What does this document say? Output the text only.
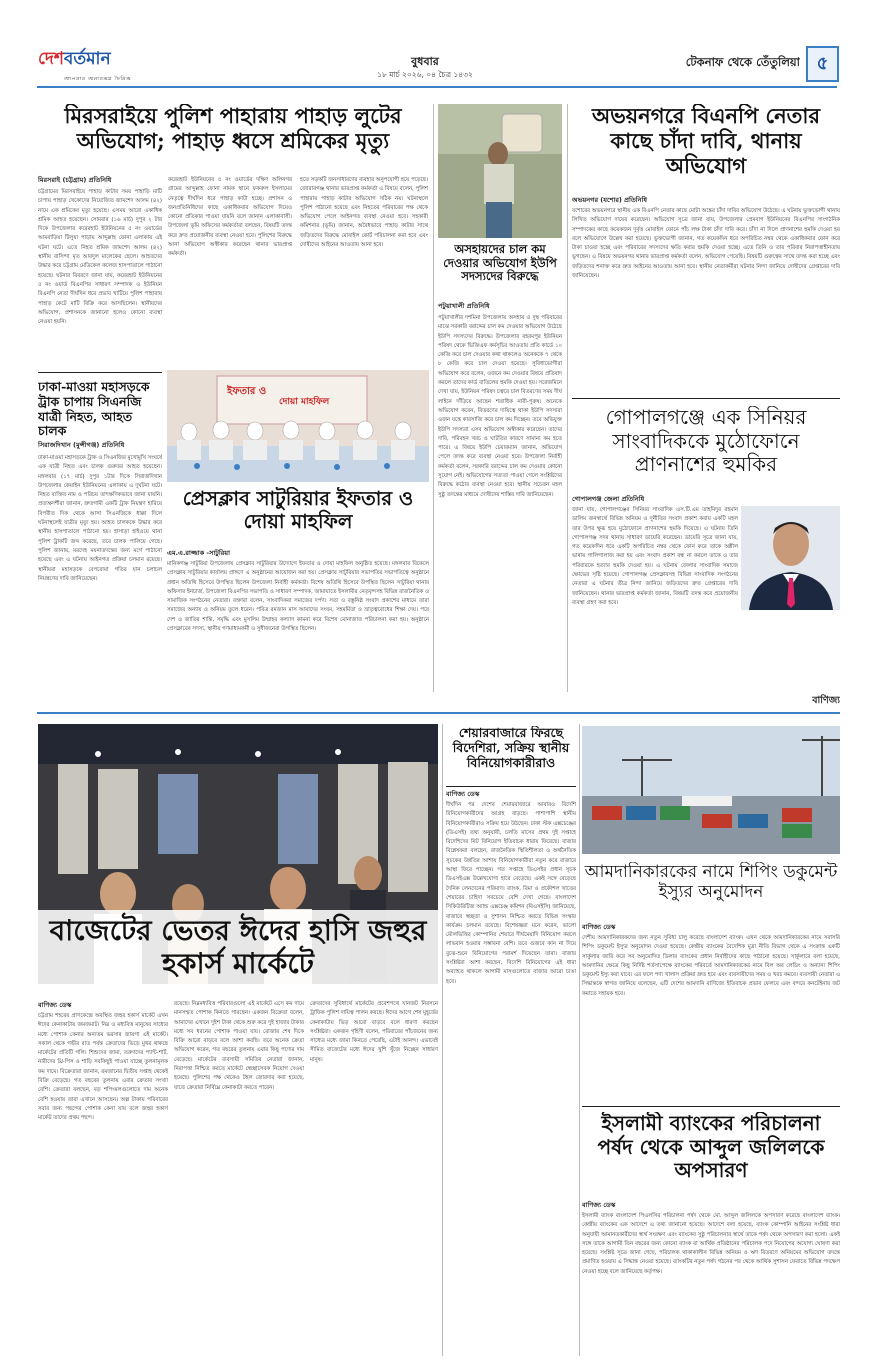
দেশবর্তমান
আপনার অন্যরকম দৈনিক
বুধবার
১৮ মার্চ ২০২৬, ০৪ চৈত্র ১৪৩২
টেকনাফ থেকে তেঁতুলিয়া ৫
মিরসরাইয়ে পুলিশ পাহারায় পাহাড় লুটের অভিযোগ; পাহাড় ধ্বসে শ্রমিকের মৃত্যু
মিরসরাই (চট্টগ্রাম) প্রতিনিধি
চট্টগ্রামের মিরসরাইয়ে পাহাড় কাটার সময় পাহাড়ি মাটি চাপায় পাহাড় খেকোদের নিয়োজিত জামশেদ আলম (৪২) নামে এক শ্রমিকের মৃত্যু হয়েছে। এসময় আরো একাধিক শ্রমিক আহত হয়েছেন। সোমবার (১৬ মার্চ) দুপুর ২ টার দিকে উপজেলার করেরহাট ইউনিয়নের ৫ নং ওয়ার্ডের আমবাড়িয়া টিলুয়া পাড়ায় আব্দুল্লাহ ফোনা এলাকায় এই ঘটনা ঘটে। এতে নিহত শ্রমিক জামশেদ আলম (৪২) স্থানীয় বাসিন্দা মৃত আবদুল মালেকের ছেলে। আহতদের উদ্ধার করে চট্টগ্রাম মেডিকেল কলেজ হাসপাতালে পাঠানো হয়েছে। ঘটনার বিবরণে জানা যায়, করেরহাট ইউনিয়নের ৫ নং ওয়ার্ড বিএনপির সাধারণ সম্পাদক ও ইউনিয়ন বিএনপি নেতা দীর্ঘদিন ধরে প্রভাব খাটিয়ে পুলিশ পাহারায় পাহাড় কেটে মাটি বিক্রি করে আসছিলেন। স্থানীয়দের অভিযোগ, প্রশাসনকে জানানো হলেও কোনো ব্যবস্থা নেওয়া হয়নি।
করেরহাট ইউনিয়নের ৫ নং ওয়ার্ডের দক্ষিণ অলিনগর গ্রামের আব্দুল্লাহ ফোনা নামক স্থানে ফকরুল ইসলামের নেতৃত্বে দীর্ঘদিন ধরে পাহাড় কাটা হচ্ছে। প্রশাসন ও জনপ্রতিনিধিদের কাছে একাধিকবার অভিযোগ দিয়েও কোনো প্রতিকার পাওয়া যায়নি বলে জানান এলাকাবাসী। উপজেলা ভূমি অফিসের কর্মকর্তারা বলছেন, বিষয়টি তদন্ত করে দ্রুত প্রয়োজনীয় ব্যবস্থা নেওয়া হবে। পুলিশের বিরুদ্ধে আনা অভিযোগ অস্বীকার করেছেন থানার ভারপ্রাপ্ত কর্মকর্তা।
হতে সড়কটি জনসাধারণের ব্যবহার অনুপযোগী হয়ে পড়েছে। জোরারগঞ্জ থানার ভারপ্রাপ্ত কর্মকর্তা এ বিষয়ে বলেন, পুলিশ পাহারায় পাহাড় কাটার অভিযোগ সঠিক নয়। ঘটনাস্থলে পুলিশ পাঠানো হয়েছে এবং নিহতের পরিবারের পক্ষ থেকে অভিযোগ পেলে আইনগত ব্যবস্থা নেওয়া হবে। সহকারী কমিশনার (ভূমি) জানান, অবৈধভাবে পাহাড় কাটার সাথে জড়িতদের বিরুদ্ধে মোবাইল কোর্ট পরিচালনা করা হবে এবং দোষীদের আইনের আওতায় আনা হবে।
ঢাকা-মাওয়া মহাসড়কে ট্রাক চাপায় সিএনজি যাত্রী নিহত, আহত চালক
সিরাজদিখান (মুন্সীগঞ্জ) প্রতিনিধি
ঢাকা-মাওয়া মহাসড়কে ট্রাক ও সিএনজির মুখোমুখি সংঘর্ষে এক যাত্রী নিহত এবং চালক গুরুতর আহত হয়েছেন। মঙ্গলবার (১৭ মার্চ) দুপুর ১টার দিকে সিরাজদিখান উপজেলার কেয়াইন ইউনিয়নের এলাকায় এ দুর্ঘটনা ঘটে। নিহত ব্যক্তির নাম ও পরিচয় তাৎক্ষণিকভাবে জানা যায়নি। প্রত্যক্ষদর্শীরা জানান, দ্রুতগামী একটি ট্রাক নিয়ন্ত্রণ হারিয়ে বিপরীত দিক থেকে আসা সিএনজিকে ধাক্কা দিলে ঘটনাস্থলেই যাত্রীর মৃত্যু হয়। আহত চালককে উদ্ধার করে স্থানীয় হাসপাতালে পাঠানো হয়। হাসাড়া হাইওয়ে থানা পুলিশ ট্রাকটি জব্দ করেছে, তবে চালক পালিয়ে গেছে। পুলিশ জানায়, মরদেহ ময়নাতদন্তের জন্য মর্গে পাঠানো হয়েছে এবং এ ঘটনায় আইনগত প্রক্রিয়া চলমান রয়েছে। স্থানীয়রা মহাসড়কে বেপরোয়া গতির যান চলাচল নিয়ন্ত্রণের দাবি জানিয়েছেন।
ইফতার ও
দোয়া মাহফিল
প্রেসক্লাব সাটুরিয়ার ইফতার ও দোয়া মাহফিল
এম.এ.রাজ্জাক -সাটুরিয়া
মানিকগঞ্জ সাটুরিয়া উপজেলায় প্রেসক্লাব সাটুরিয়ার উদ্যোগে ইফতার ও দোয়া মাহফিল অনুষ্ঠিত হয়েছে। মঙ্গলবার বিকেলে প্রেসক্লাব সাটুরিয়ার কার্যালয় প্রাঙ্গণে এ অনুষ্ঠানের আয়োজন করা হয়। প্রেসক্লাব সাটুরিয়ার সভাপতির সভাপতিত্বে অনুষ্ঠানে প্রধান অতিথি হিসেবে উপস্থিত ছিলেন উপজেলা নির্বাহী কর্মকর্তা। বিশেষ অতিথি হিসেবে উপস্থিত ছিলেন সাটুরিয়া থানার অফিসার ইনচার্জ, উপজেলা বিএনপির সভাপতি ও সাধারণ সম্পাদক, জামায়াতে ইসলামীর নেতৃবৃন্দসহ বিভিন্ন রাজনৈতিক ও সামাজিক সংগঠনের নেতারা। বক্তারা বলেন, সাংবাদিকরা সমাজের দর্পণ। সত্য ও বস্তুনিষ্ঠ সংবাদ প্রকাশের মাধ্যমে তারা সমাজের অন্যায় ও অনিয়ম তুলে ধরেন। পবিত্র রমজান মাস আমাদের সংযম, সহমর্মিতা ও ভ্রাতৃত্ববোধের শিক্ষা দেয়। পরে দেশ ও জাতির শান্তি, সমৃদ্ধি এবং মুসলিম উম্মাহর কল্যাণ কামনা করে বিশেষ মোনাজাত পরিচালনা করা হয়। অনুষ্ঠানে প্রেসক্লাবের সদস্য, স্থানীয় গণমাধ্যমকর্মী ও সুধীজনেরা উপস্থিত ছিলেন।
অসহায়দের চাল কম দেওয়ার অভিযোগ ইউপি সদস্যদের বিরুদ্ধে
পটুয়াখালী প্রতিনিধি
পটুয়াখালীর দশমিনা উপজেলায় অসহায় ও দুস্থ পরিবারের মাঝে সরকারি বরাদ্দের চাল কম দেওয়ার অভিযোগ উঠেছে ইউপি সদস্যদের বিরুদ্ধে। উপজেলার বহরমপুর ইউনিয়ন পরিষদ থেকে ভিজিএফ কর্মসূচির আওতায় প্রতি কার্ডে ১০ কেজি করে চাল দেওয়ার কথা থাকলেও অনেককে ৭ থেকে ৮ কেজি করে চাল দেওয়া হয়েছে। সুবিধাভোগীরা অভিযোগ করে বলেন, ওজনে কম দেওয়ার বিষয়ে প্রতিবাদ করলে তাদের কার্ড বাতিলের হুমকি দেওয়া হয়। সরেজমিনে দেখা যায়, ইউনিয়ন পরিষদ চত্বরে চাল বিতরণের সময় দীর্ঘ লাইনে দাঁড়িয়ে আছেন শতাধিক নারী-পুরুষ। অনেকে অভিযোগ করেন, বিতরণের দায়িত্বে থাকা ইউপি সদস্যরা ওজন যন্ত্রে কারসাজি করে চাল কম দিচ্ছেন। তবে অভিযুক্ত ইউপি সদস্যরা এসব অভিযোগ অস্বীকার করেছেন। তাদের দাবি, পরিবহন খরচ ও ঘাটতির কারণে সামান্য কম হতে পারে। এ বিষয়ে ইউপি চেয়ারম্যান জানান, অভিযোগ পেলে তদন্ত করে ব্যবস্থা নেওয়া হবে। উপজেলা নির্বাহী কর্মকর্তা বলেন, সরকারি বরাদ্দের চাল কম দেওয়ার কোনো সুযোগ নেই। অভিযোগের সত্যতা পাওয়া গেলে সংশ্লিষ্টদের বিরুদ্ধে কঠোর ব্যবস্থা নেওয়া হবে। স্থানীয় সচেতন মহল সুষ্ঠু তদন্তের মাধ্যমে দোষীদের শাস্তির দাবি জানিয়েছেন।
অভয়নগরে বিএনপি নেতার কাছে চাঁদা দাবি, থানায় অভিযোগ
অভয়নগর (যশোর) প্রতিনিধি
যশোরের অভয়নগরে স্থানীয় এক বিএনপি নেতার কাছে মোটা অঙ্কের চাঁদা দাবির অভিযোগ উঠেছে। এ ঘটনায় ভুক্তভোগী থানায় লিখিত অভিযোগ দায়ের করেছেন। অভিযোগ সূত্রে জানা যায়, উপজেলার প্রেমবাগ ইউনিয়নের বিএনপির সাংগঠনিক সম্পাদকের কাছে কয়েকজন দুর্বৃত্ত মোবাইল ফোনে পাঁচ লক্ষ টাকা চাঁদা দাবি করে। চাঁদা না দিলে প্রাণনাশের হুমকি দেওয়া হয় বলে অভিযোগে উল্লেখ করা হয়েছে। ভুক্তভোগী জানান, গত কয়েকদিন ধরে অপরিচিত নম্বর থেকে একাধিকবার ফোন করে টাকা চাওয়া হচ্ছে এবং পরিবারের সদস্যদের ক্ষতি করার হুমকি দেওয়া হচ্ছে। এতে তিনি ও তার পরিবার নিরাপত্তাহীনতায় ভুগছেন। এ বিষয়ে অভয়নগর থানার ভারপ্রাপ্ত কর্মকর্তা বলেন, অভিযোগ পেয়েছি। বিষয়টি গুরুত্বের সাথে তদন্ত করা হচ্ছে এবং জড়িতদের শনাক্ত করে দ্রুত আইনের আওতায় আনা হবে। স্থানীয় নেতাকর্মীরা ঘটনার নিন্দা জানিয়ে দোষীদের গ্রেপ্তারের দাবি জানিয়েছেন।
গোপালগঞ্জে এক সিনিয়র সাংবাদিককে মুঠোফোনে প্রাণনাশের হুমকির
গোপালগঞ্জ জেলা প্রতিনিধি
জানা যায়, গোপালগঞ্জের সিনিয়র সাংবাদিক এস.টি.এম তাহমিদুর রহমান ডালিম জনস্বার্থে বিভিন্ন অনিয়ম ও দুর্নীতির সংবাদ প্রকাশ করায় একটি মহল তার উপর ক্ষুব্ধ হয়ে মুঠোফোনে প্রাণনাশের হুমকি দিয়েছে। এ ঘটনায় তিনি গোপালগঞ্জ সদর থানায় সাধারণ ডায়েরি করেছেন। ডায়েরি সূত্রে জানা যায়, গত কয়েকদিন ধরে একটি অপরিচিত নম্বর থেকে ফোন করে তাকে অশ্লীল ভাষায় গালিগালাজ করা হয় এবং সংবাদ প্রকাশ বন্ধ না করলে তাকে ও তার পরিবারকে হত্যার হুমকি দেওয়া হয়। এ ঘটনায় জেলার সাংবাদিক সমাজে ক্ষোভের সৃষ্টি হয়েছে। গোপালগঞ্জ প্রেসক্লাবসহ বিভিন্ন সাংবাদিক সংগঠনের নেতারা এ ঘটনার তীব্র নিন্দা জানিয়ে জড়িতদের দ্রুত গ্রেপ্তারের দাবি জানিয়েছেন। থানার ভারপ্রাপ্ত কর্মকর্তা জানান, বিষয়টি তদন্ত করে প্রয়োজনীয় ব্যবস্থা গ্রহণ করা হবে।
বাণিজ্য
বাজেটের ভেতর ঈদের হাসি জহুর হকার্স মার্কেটে
বাণিজ্য ডেস্ক
চট্টগ্রাম শহরের প্রাণকেন্দ্রে অবস্থিত জহুর হকার্স মার্কেট এখন ঈদের কেনাকাটায় জমজমাট। নিম্ন ও মধ্যবিত্ত মানুষের সাধ্যের মধ্যে পোশাক কেনার অন্যতম ভরসার জায়গা এই মার্কেট। সকাল থেকে গভীর রাত পর্যন্ত ক্রেতাদের ভিড়ে মুখর থাকছে মার্কেটের প্রতিটি গলি। শিশুদের জামা, তরুণদের প্যান্ট-শার্ট, নারীদের থ্রি-পিস ও শাড়ি সবকিছুই পাওয়া যাচ্ছে তুলনামূলক কম দামে। বিক্রেতারা জানান, রমজানের দ্বিতীয় সপ্তাহ থেকেই বিক্রি বেড়েছে। গত বছরের তুলনায় এবার ক্রেতার সংখ্যা বেশি। ক্রেতারা বলছেন, বড় শপিংমলগুলোতে দাম অনেক বেশি হওয়ায় তারা এখানে আসছেন। অল্প টাকায় পরিবারের সবার জন্য পছন্দের পোশাক কেনা যায় বলে জহুর হকার্স মার্কেট তাদের প্রথম পছন্দ।
রয়েছে। নিম্নমধ্যবিত্ত পরিবারগুলো এই মার্কেটে এসে কম দামে মানসম্মত পোশাক কিনতে পারছেন। একজন বিক্রেতা বলেন, আমাদের এখানে দুইশ টাকা থেকে শুরু করে দুই হাজার টাকার মধ্যে সব ধরনের পোশাক পাওয়া যায়। রোজার শেষ দিকে বিক্রি আরো বাড়বে বলে আশা করছি। তবে অনেক ক্রেতা অভিযোগ করেন, গত বছরের তুলনায় এবার কিছু পণ্যের দাম বেড়েছে। মার্কেটের ব্যবসায়ী সমিতির নেতারা জানান, নিরাপত্তা নিশ্চিত করতে মার্কেটে স্বেচ্ছাসেবক নিয়োগ দেওয়া হয়েছে। পুলিশের পক্ষ থেকেও টহল জোরদার করা হয়েছে, যাতে ক্রেতারা নির্বিঘ্নে কেনাকাটা করতে পারেন।
ক্রেতাদের সুবিধার্থে মার্কেটের প্রবেশপথে যানজট নিরসনে ট্রাফিক পুলিশ দায়িত্ব পালন করছে। ঈদের আগে শেষ মুহূর্তের কেনাকাটায় ভিড় আরো বাড়বে বলে ধারণা করছেন সংশ্লিষ্টরা। একজন গৃহিণী বলেন, পরিবারের পাঁচজনের জন্য সাধ্যের মধ্যে জামা কিনতে পেরেছি, এটাই আনন্দ। এভাবেই সীমিত বাজেটের মধ্যে ঈদের খুশি খুঁজে নিচ্ছেন সাধারণ মানুষ।
শেয়ারবাজারে ফিরছে বিদেশিরা, সক্রিয় স্থানীয় বিনিয়োগকারীরাও
বাণিজ্য ডেস্ক
দীর্ঘদিন পর দেশের শেয়ারবাজারে আবারও বিদেশি বিনিয়োগকারীদের আগ্রহ বাড়ছে। পাশাপাশি স্থানীয় বিনিয়োগকারীরাও সক্রিয় হয়ে উঠছেন। ঢাকা স্টক এক্সচেঞ্জের (ডিএসই) তথ্য অনুযায়ী, চলতি মাসের প্রথম দুই সপ্তাহে বিদেশিদের নিট বিনিয়োগ ইতিবাচক ধারায় ফিরেছে। বাজার বিশ্লেষকরা বলছেন, রাজনৈতিক স্থিতিশীলতা ও অর্থনৈতিক সূচকের উন্নতির আশায় বিনিয়োগকারীরা নতুন করে বাজারে আস্থা ফিরে পাচ্ছেন। গত সপ্তাহে ডিএসইর প্রধান সূচক ডিএসইএক্স উল্লেখযোগ্য হারে বেড়েছে। একই সঙ্গে বেড়েছে দৈনিক লেনদেনের পরিমাণ। ব্যাংক, বিমা ও প্রকৌশল খাতের শেয়ারের চাহিদা সবচেয়ে বেশি দেখা গেছে। বাংলাদেশ সিকিউরিটিজ অ্যান্ড এক্সচেঞ্জ কমিশন (বিএসইসি) জানিয়েছে, বাজারে স্বচ্ছতা ও সুশাসন নিশ্চিত করতে বিভিন্ন সংস্কার কার্যক্রম চলমান রয়েছে। বিশেষজ্ঞরা মনে করেন, ভালো মৌলভিত্তির কোম্পানির শেয়ারে দীর্ঘমেয়াদি বিনিয়োগ করলে লাভবান হওয়ার সম্ভাবনা বেশি। তবে গুজবে কান না দিয়ে বুঝে-শুনে বিনিয়োগের পরামর্শ দিয়েছেন তারা। বাজার সংশ্লিষ্টরা আশা করছেন, বিদেশি বিনিয়োগের এই ধারা অব্যাহত থাকলে আগামী মাসগুলোতে বাজার আরো চাঙা হবে।
আমদানিকারকের নামে শিপিং ডকুমেন্ট ইস্যুর অনুমোদন
বাণিজ্য ডেস্ক
দেশীয় আমদানিকারকদের জন্য নতুন সুবিধা চালু করেছে বাংলাদেশ ব্যাংক। এখন থেকে আমদানিকারকের নামে সরাসরি শিপিং ডকুমেন্ট ইস্যুর অনুমোদন দেওয়া হয়েছে। কেন্দ্রীয় ব্যাংকের বৈদেশিক মুদ্রা নীতি বিভাগ থেকে এ সংক্রান্ত একটি সার্কুলার জারি করে সব অনুমোদিত ডিলার ব্যাংকের প্রধান নির্বাহীদের কাছে পাঠানো হয়েছে। সার্কুলারে বলা হয়েছে, আমদানির ক্ষেত্রে কিছু নির্দিষ্ট শর্তসাপেক্ষে ব্যাংকের পরিবর্তে আমদানিকারকের নামে বিল অব লেডিং ও অন্যান্য শিপিং ডকুমেন্ট ইস্যু করা যাবে। এর ফলে পণ্য খালাস প্রক্রিয়া দ্রুত হবে এবং ব্যবসায়ীদের সময় ও খরচ কমবে। ব্যবসায়ী নেতারা এ সিদ্ধান্তকে স্বাগত জানিয়ে বলেছেন, এটি দেশের আমদানি বাণিজ্যে ইতিবাচক প্রভাব ফেলবে এবং বন্দরে কনটেইনার জট কমাতে সহায়ক হবে।
ইসলামী ব্যাংকের পরিচালনা পর্ষদ থেকে আব্দুল জলিলকে অপসারণ
বাণিজ্য ডেস্ক
ইসলামী ব্যাংক বাংলাদেশ পিএলসির পরিচালনা পর্ষদ থেকে মো. আব্দুল জলিলকে অপসারণ করেছে বাংলাদেশ ব্যাংক। কেন্দ্রীয় ব্যাংকের এক আদেশে এ তথ্য জানানো হয়েছে। আদেশে বলা হয়েছে, ব্যাংক কোম্পানি আইনের সংশ্লিষ্ট ধারা অনুযায়ী আমানতকারীদের স্বার্থ সংরক্ষণ এবং ব্যাংকের সুষ্ঠু পরিচালনার স্বার্থে তাকে পর্ষদ থেকে অপসারণ করা হলো। একই সঙ্গে তাকে আগামী তিন বছরের জন্য কোনো ব্যাংক বা আর্থিক প্রতিষ্ঠানের পরিচালক পদে নিয়োগের অযোগ্য ঘোষণা করা হয়েছে। সংশ্লিষ্ট সূত্রে জানা গেছে, পরিচালক থাকাকালীন বিভিন্ন অনিয়ম ও ঋণ বিতরণে অনিয়মের অভিযোগ তদন্তে প্রমাণিত হওয়ায় এ সিদ্ধান্ত নেওয়া হয়েছে। ব্যাংকটির নতুন পর্ষদ গঠনের পর থেকে আর্থিক সুশাসন ফেরাতে বিভিন্ন পদক্ষেপ নেওয়া হচ্ছে বলে জানিয়েছে কর্তৃপক্ষ।
